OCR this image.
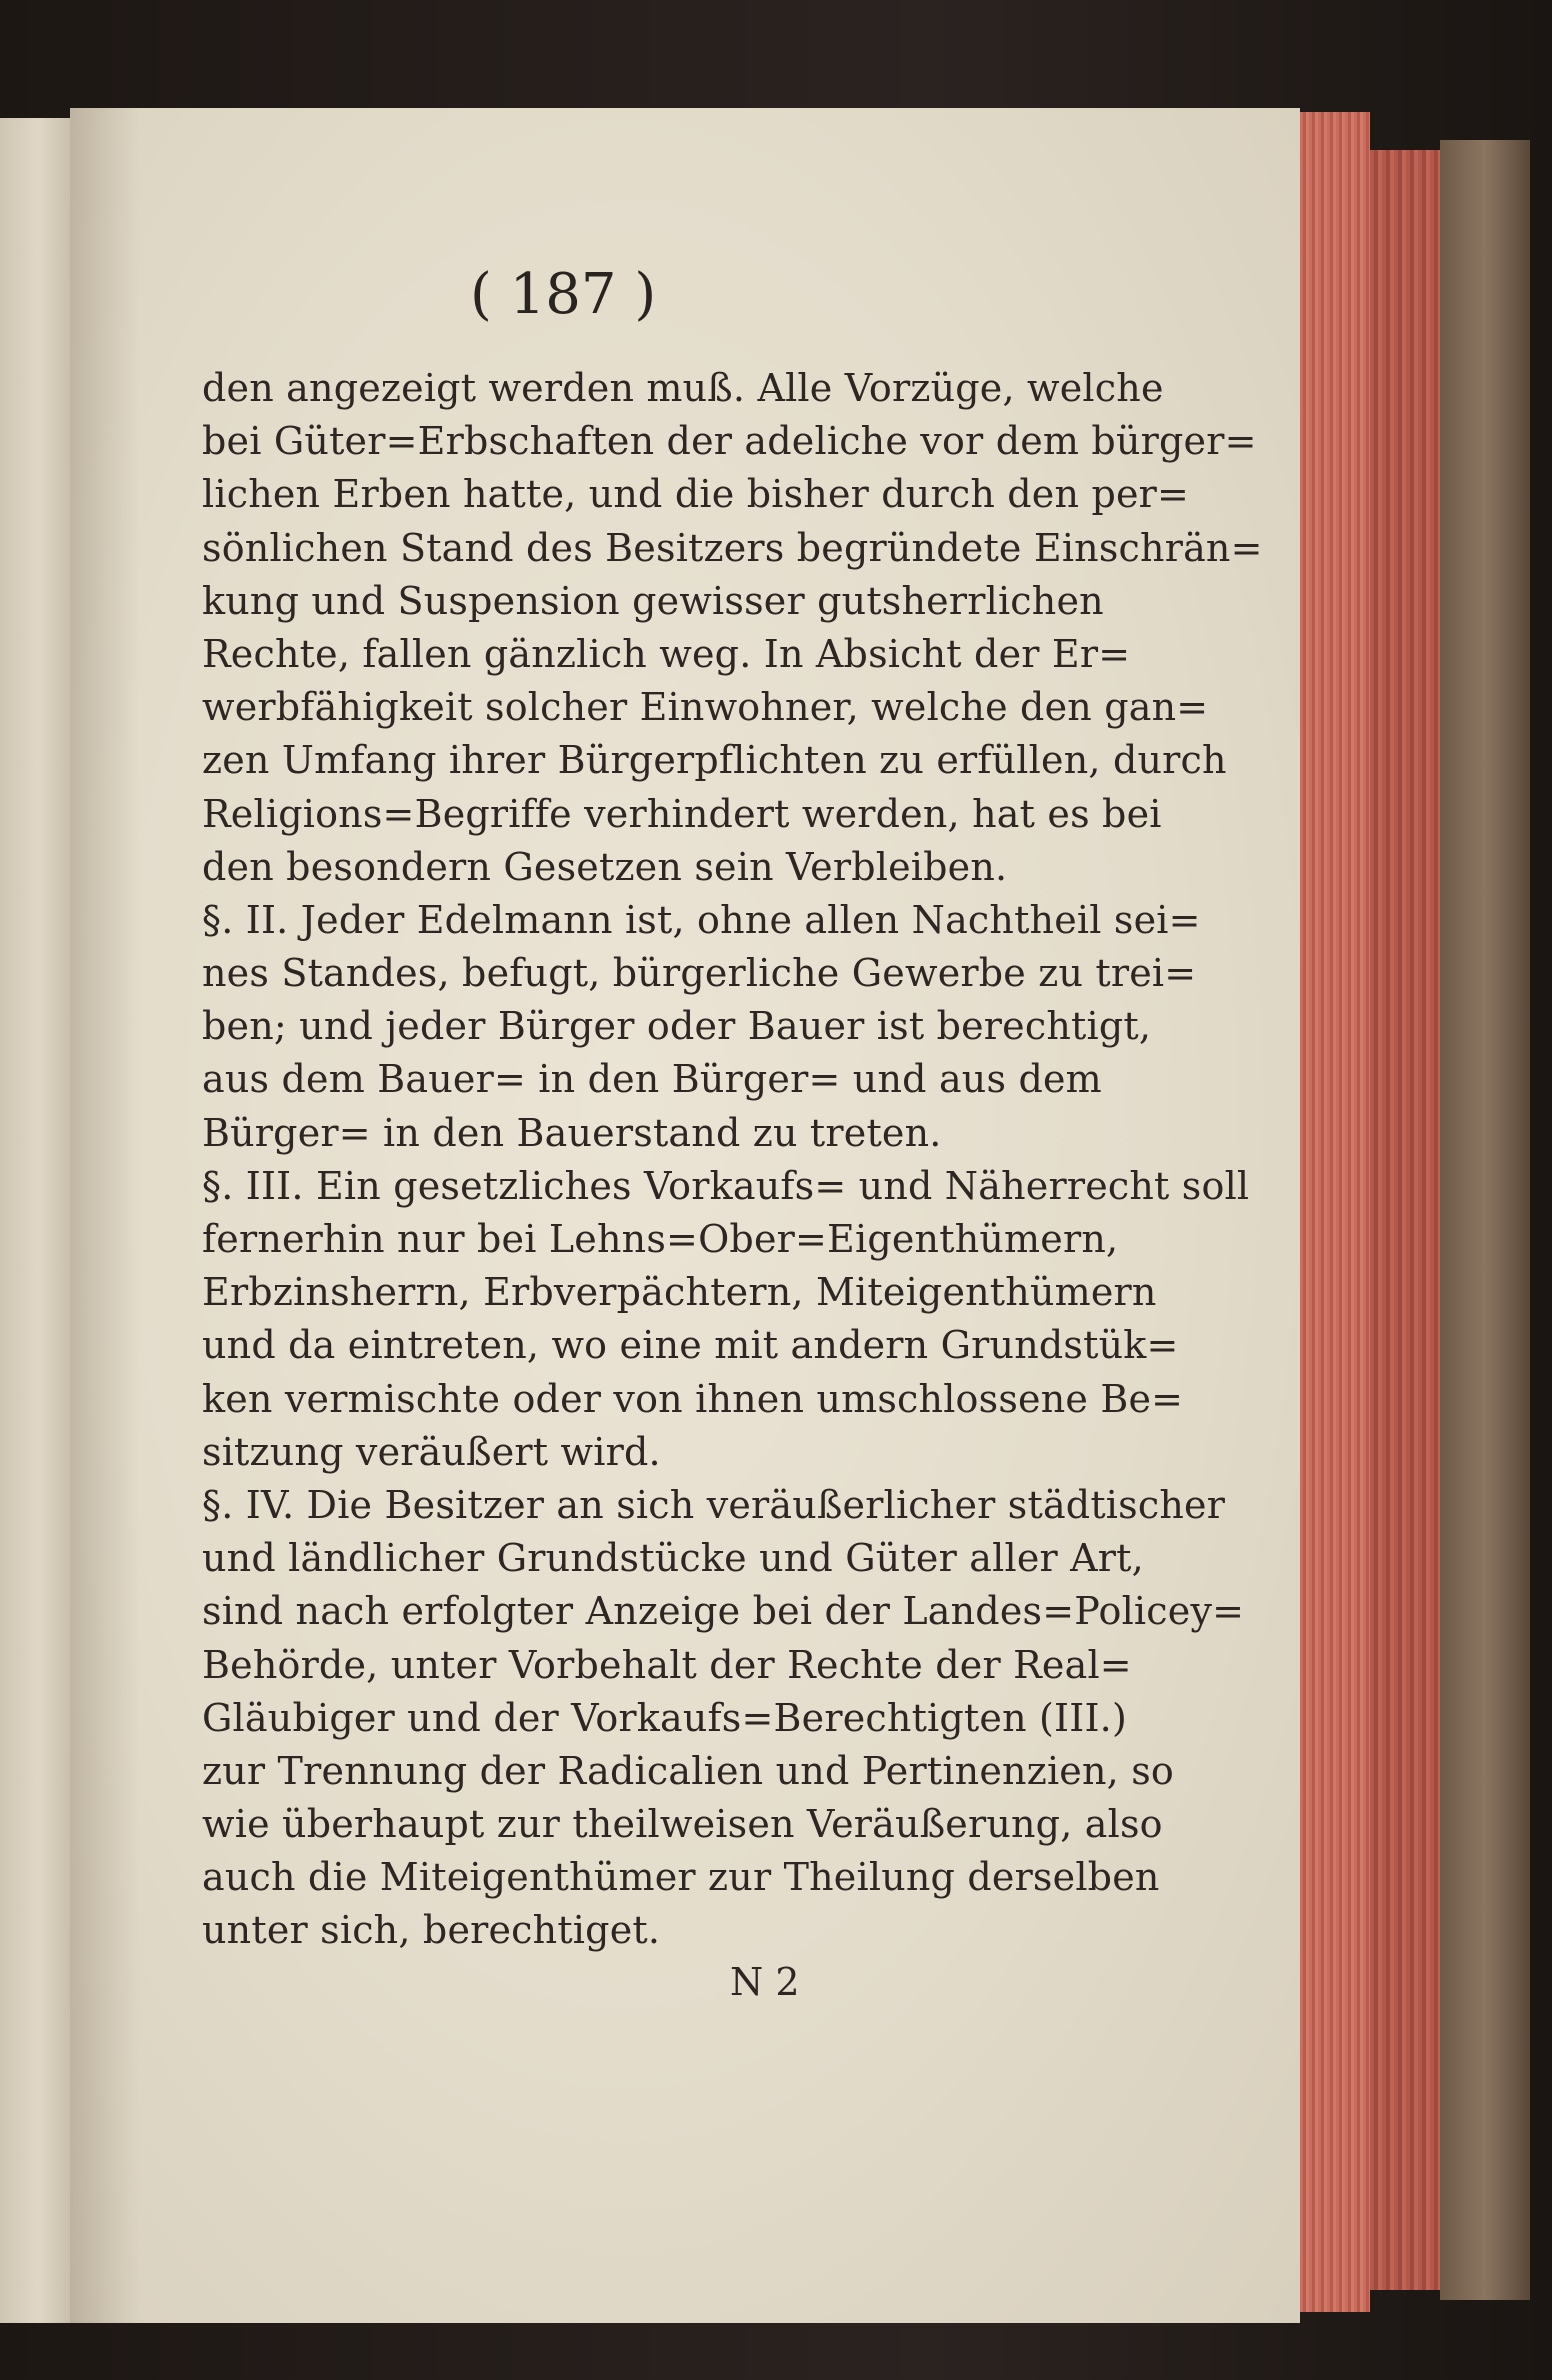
( 187 )
den angezeigt werden muß. Alle Vorzüge, welche
bei Güter=Erbschaften der adeliche vor dem bürger=
lichen Erben hatte, und die bisher durch den per=
sönlichen Stand des Besitzers begründete Einschrän=
kung und Suspension gewisser gutsherrlichen
Rechte, fallen gänzlich weg. In Absicht der Er=
werbfähigkeit solcher Einwohner, welche den gan=
zen Umfang ihrer Bürgerpflichten zu erfüllen, durch
Religions=Begriffe verhindert werden, hat es bei
den besondern Gesetzen sein Verbleiben.
§. II. Jeder Edelmann ist, ohne allen Nachtheil sei=
nes Standes, befugt, bürgerliche Gewerbe zu trei=
ben; und jeder Bürger oder Bauer ist berechtigt,
aus dem Bauer= in den Bürger= und aus dem
Bürger= in den Bauerstand zu treten.
§. III. Ein gesetzliches Vorkaufs= und Näherrecht soll
fernerhin nur bei Lehns=Ober=Eigenthümern,
Erbzinsherrn, Erbverpächtern, Miteigenthümern
und da eintreten, wo eine mit andern Grundstük=
ken vermischte oder von ihnen umschlossene Be=
sitzung veräußert wird.
§. IV. Die Besitzer an sich veräußerlicher städtischer
und ländlicher Grundstücke und Güter aller Art,
sind nach erfolgter Anzeige bei der Landes=Policey=
Behörde, unter Vorbehalt der Rechte der Real=
Gläubiger und der Vorkaufs=Berechtigten (III.)
zur Trennung der Radicalien und Pertinenzien, so
wie überhaupt zur theilweisen Veräußerung, also
auch die Miteigenthümer zur Theilung derselben
unter sich, berechtiget.
N 2
